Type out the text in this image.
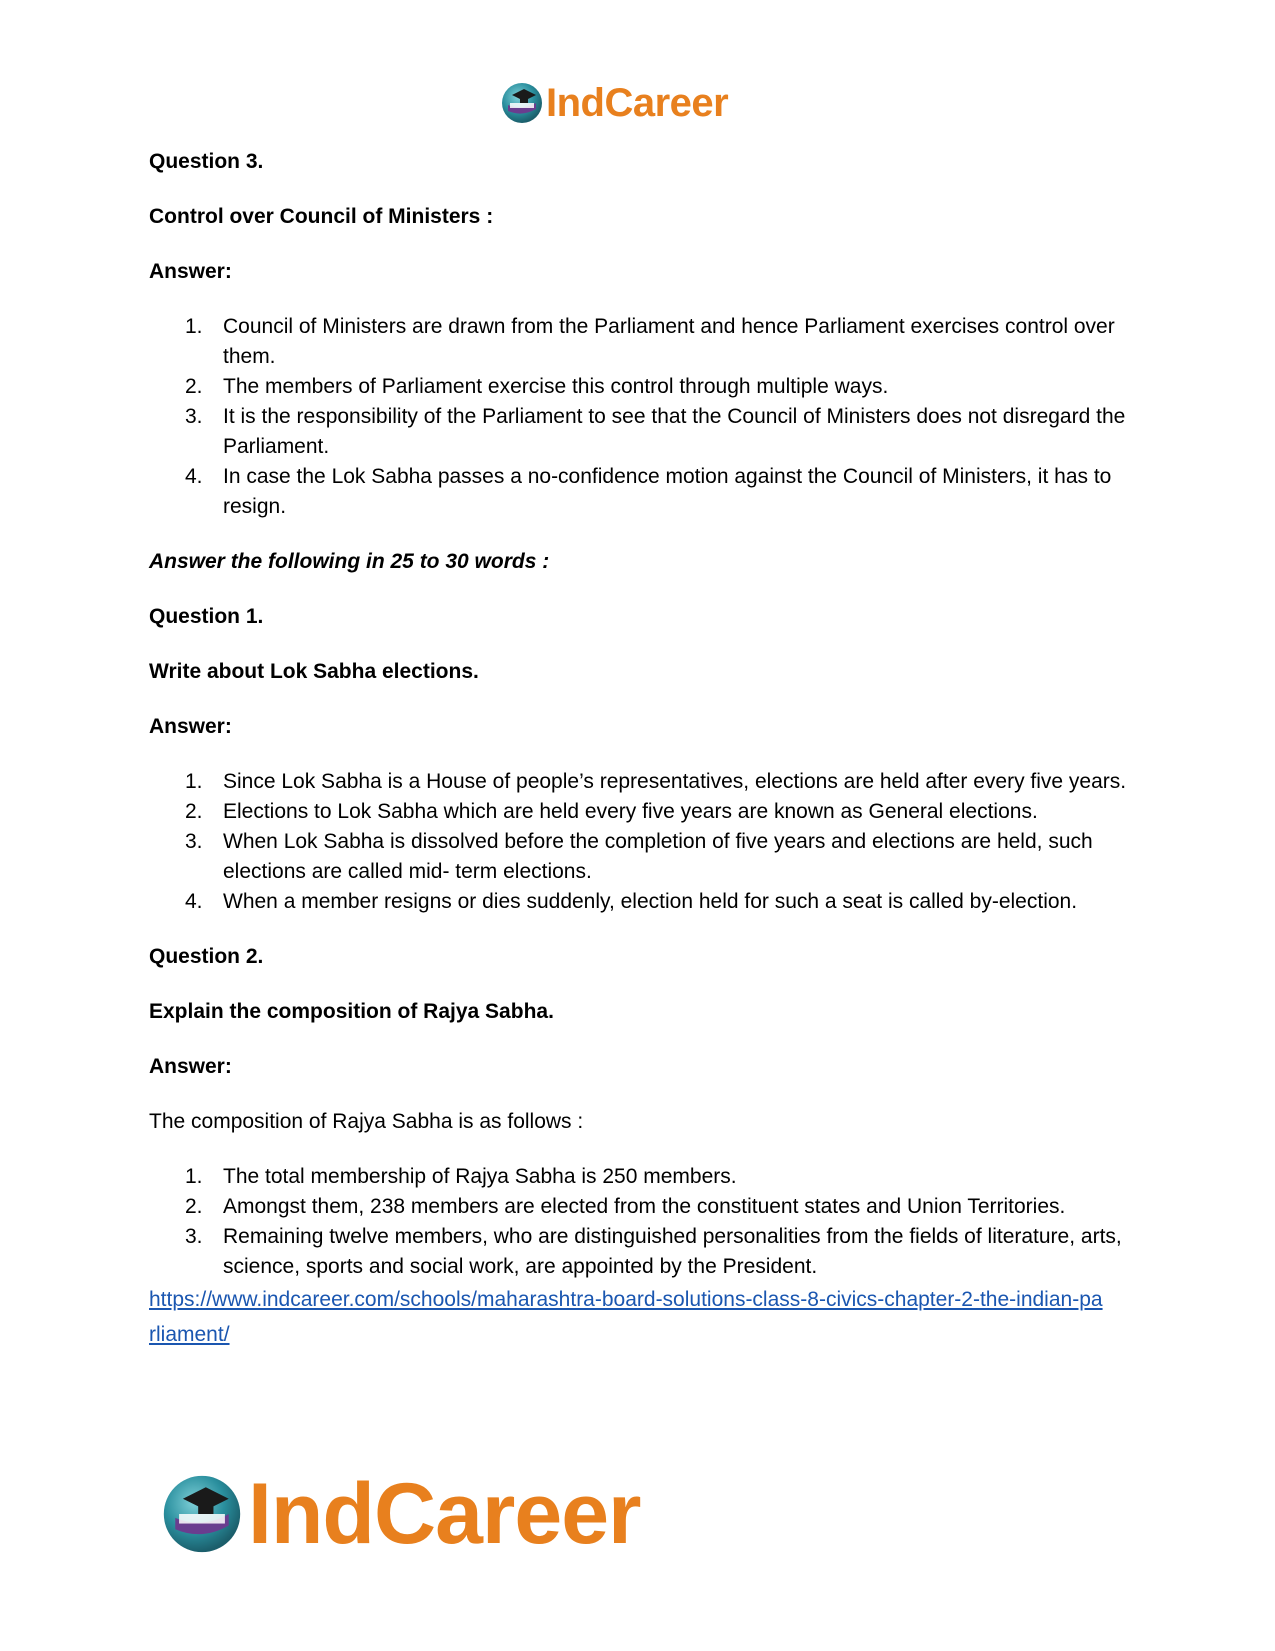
IndCareer

Question 3.

Control over Council of Ministers :

Answer:

1. Council of Ministers are drawn from the Parliament and hence Parliament exercises control over them.
2. The members of Parliament exercise this control through multiple ways.
3. It is the responsibility of the Parliament to see that the Council of Ministers does not disregard the Parliament.
4. In case the Lok Sabha passes a no-confidence motion against the Council of Ministers, it has to resign.

Answer the following in 25 to 30 words :

Question 1.

Write about Lok Sabha elections.

Answer:

1. Since Lok Sabha is a House of people’s representatives, elections are held after every five years.
2. Elections to Lok Sabha which are held every five years are known as General elections.
3. When Lok Sabha is dissolved before the completion of five years and elections are held, such elections are called mid- term elections.
4. When a member resigns or dies suddenly, election held for such a seat is called by-election.

Question 2.

Explain the composition of Rajya Sabha.

Answer:

The composition of Rajya Sabha is as follows :

1. The total membership of Rajya Sabha is 250 members.
2. Amongst them, 238 members are elected from the constituent states and Union Territories.
3. Remaining twelve members, who are distinguished personalities from the fields of literature, arts, science, sports and social work, are appointed by the President.

https://www.indcareer.com/schools/maharashtra-board-solutions-class-8-civics-chapter-2-the-indian-parliament/
IndCareer
